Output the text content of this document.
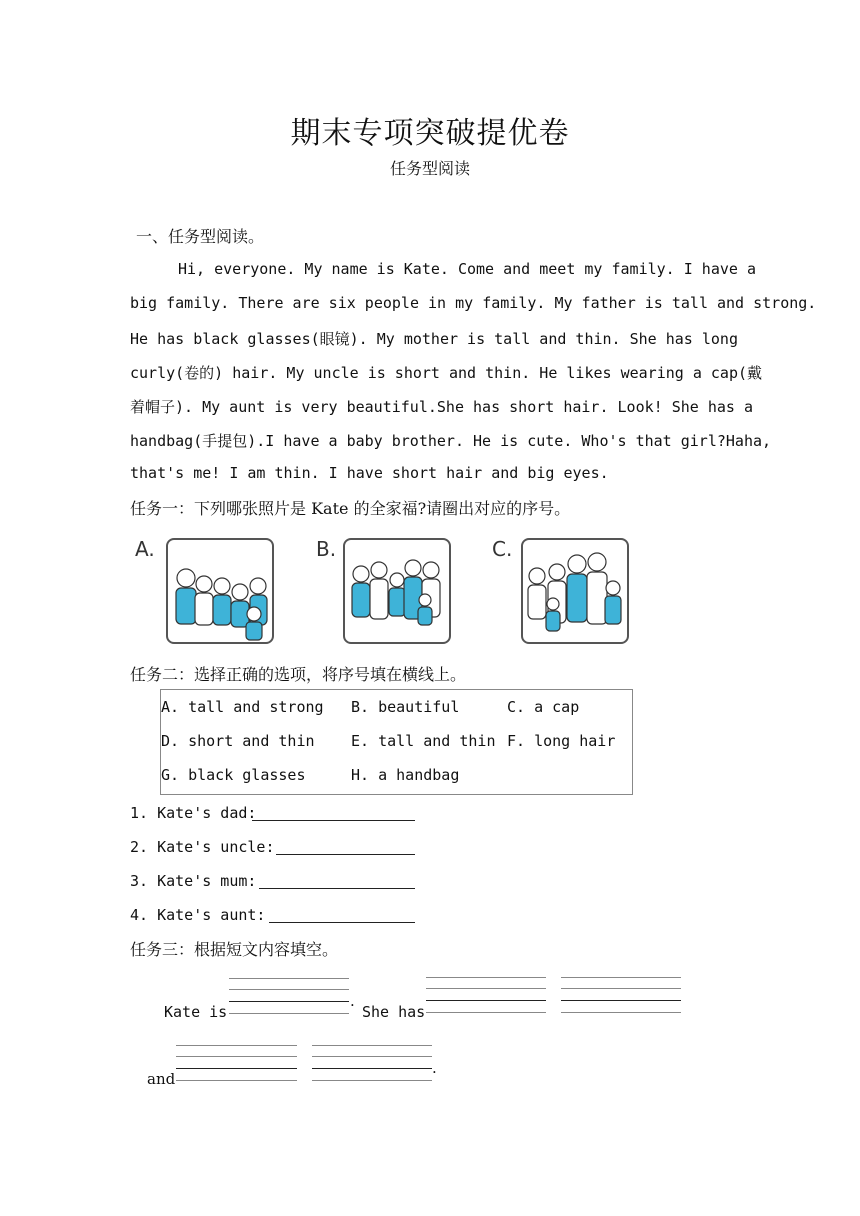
期末专项突破提优卷
任务型阅读
一、任务型阅读。
Hi, everyone. My name is Kate. Come and meet my family. I have a
big family. There are six people in my family. My father is tall and strong.
He has black glasses(眼镜). My mother is tall and thin. She has long
curly(卷的) hair. My uncle is short and thin. He likes wearing a cap(戴
着帽子). My aunt is very beautiful.She has short hair. Look! She has a
handbag(手提包).I have a baby brother. He is cute. Who's that girl?Haha,
that's me! I am thin. I have short hair and big eyes.
任务一：下列哪张照片是 Kate 的全家福?请圈出对应的序号。
A.	B.	C.
任务二：选择正确的选项，将序号填在横线上。
A. tall and strong B. beautiful	C. a cap
D. short and thin E. tall and thin F. long hair
G. black glasses	H. a handbag
1. Kate's dad:
2. Kate's uncle:
3. Kate's mum:
4. Kate's aunt:
任务三：根据短文内容填空。
Kate is
.
She has
and
.
